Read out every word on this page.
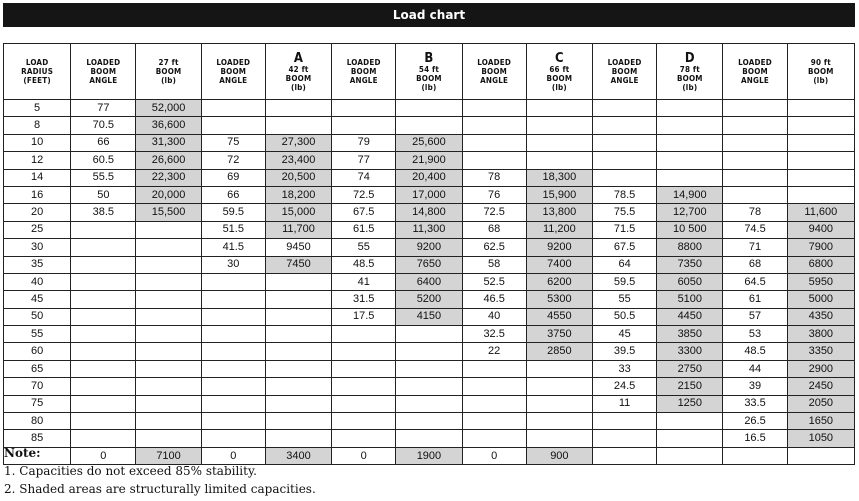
Load chart
LOAD
RADIUS
(FEET)	LOADED
BOOM
ANGLE	27 ft
BOOM
(lb)	LOADED
BOOM
ANGLE	A
42 ft
BOOM
(lb)	LOADED
BOOM
ANGLE	B
54 ft
BOOM
(lb)	LOADED
BOOM
ANGLE	C
66 ft
BOOM
(lb)	LOADED
BOOM
ANGLE	D
78 ft
BOOM
(lb)	LOADED
BOOM
ANGLE	90 ft
BOOM
(lb)

5	77	52,000										
8	70.5	36,600										
10	66	31,300	75	27,300	79	25,600						
12	60.5	26,600	72	23,400	77	21,900						
14	55.5	22,300	69	20,500	74	20,400	78	18,300				
16	50	20,000	66	18,200	72.5	17,000	76	15,900	78.5	14,900		
20	38.5	15,500	59.5	15,000	67.5	14,800	72.5	13,800	75.5	12,700	78	11,600
25			51.5	11,700	61.5	11,300	68	11,200	71.5	10 500	74.5	9400
30			41.5	9450	55	9200	62.5	9200	67.5	8800	71	7900
35			30	7450	48.5	7650	58	7400	64	7350	68	6800
40					41	6400	52.5	6200	59.5	6050	64.5	5950
45					31.5	5200	46.5	5300	55	5100	61	5000
50					17.5	4150	40	4550	50.5	4450	57	4350
55							32.5	3750	45	3850	53	3800
60							22	2850	39.5	3300	48.5	3350
65									33	2750	44	2900
70									24.5	2150	39	2450
75									11	1250	33.5	2050
80											26.5	1650
85											16.5	1050
	0	7100	0	3400	0	1900	0	900				
Note:
1. Capacities do not exceed 85% stability.
2. Shaded areas are structurally limited capacities.
